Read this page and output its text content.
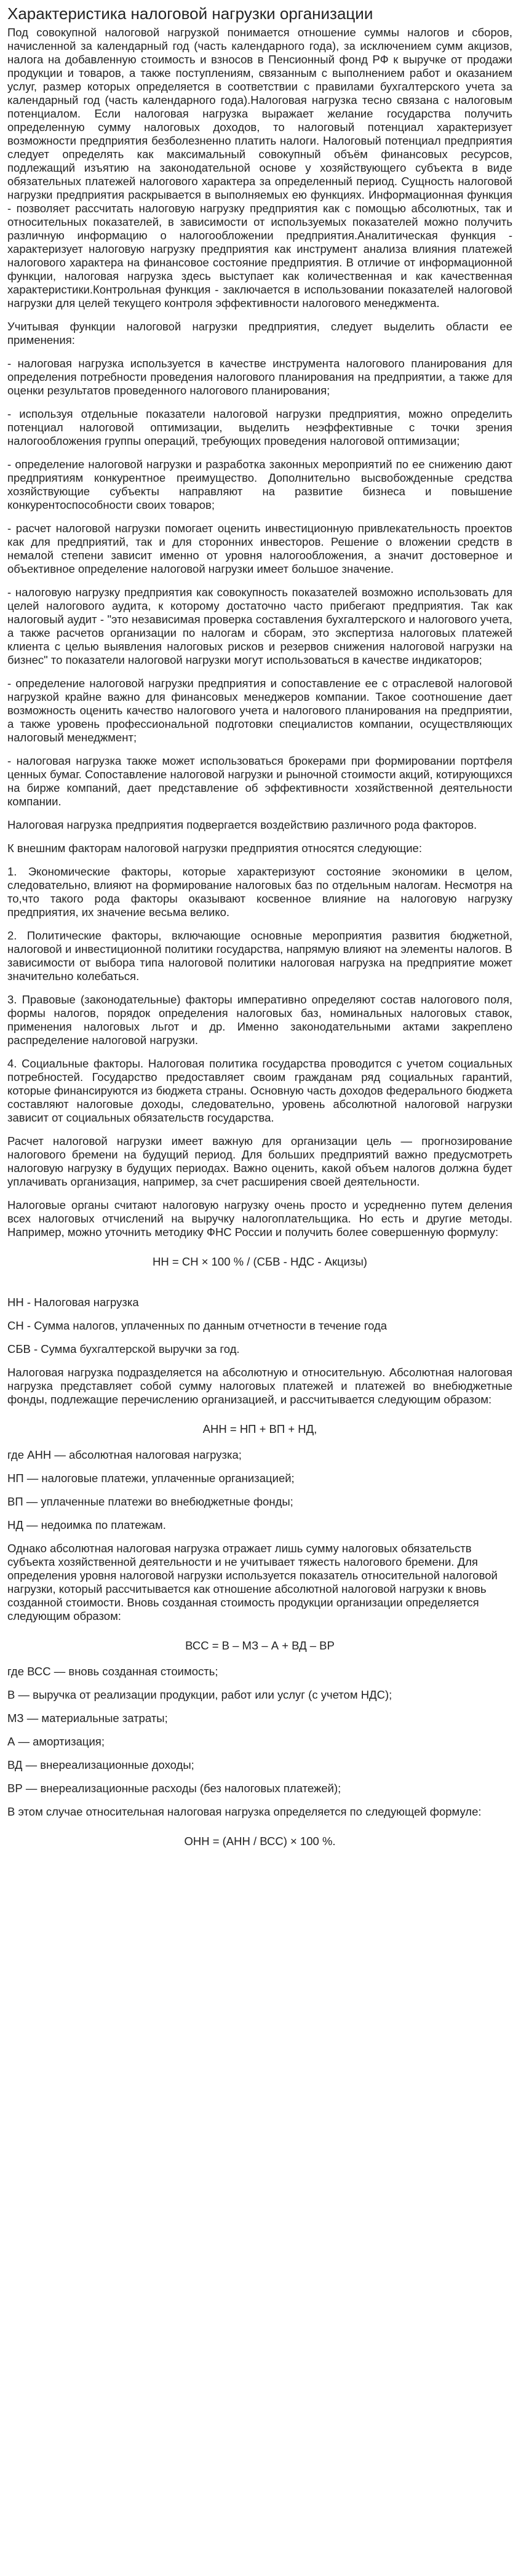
Характеристика налоговой нагрузки организации

Под совокупной налоговой нагрузкой понимается отношение суммы налогов и сборов, начисленной за календарный год (часть календарного года), за исключением сумм акцизов, налога на добавленную стоимость и взносов в Пенсионный фонд РФ к выручке от продажи продукции и товаров, а также поступлениям, связанным с выполнением работ и оказанием услуг, размер которых определяется в соответствии с правилами бухгалтерского учета за календарный год (часть календарного года).Налоговая нагрузка тесно связана с налоговым потенциалом. Если налоговая нагрузка выражает желание государства получить определенную сумму налоговых доходов, то налоговый потенциал характеризует возможности предприятия безболезненно платить налоги. Налоговый потенциал предприятия следует определять как максимальный совокупный объём финансовых ресурсов, подлежащий изъятию на законодательной основе у хозяйствующего субъекта в виде обязательных платежей налогового характера за определенный период. Сущность налоговой нагрузки предприятия раскрывается в выполняемых ею функциях. Информационная функция - позволяет рассчитать налоговую нагрузку предприятия как с помощью абсолютных, так и относительных показателей, в зависимости от используемых показателей можно получить различную информацию о налогообложении предприятия.Аналитическая функция - характеризует налоговую нагрузку предприятия как инструмент анализа влияния платежей налогового характера на финансовое состояние предприятия. В отличие от информационной функции, налоговая нагрузка здесь выступает как количественная и как качественная характеристики.Контрольная функция - заключается в использовании показателей налоговой нагрузки для целей текущего контроля эффективности налогового менеджмента.

Учитывая функции налоговой нагрузки предприятия, следует выделить области ее применения:

- налоговая нагрузка используется в качестве инструмента налогового планирования для определения потребности проведения налогового планирования на предприятии, а также для оценки результатов проведенного налогового планирования;

- используя отдельные показатели налоговой нагрузки предприятия, можно определить потенциал налоговой оптимизации, выделить неэффективные с точки зрения налогообложения группы операций, требующих проведения налоговой оптимизации;

- определение налоговой нагрузки и разработка законных мероприятий по ее снижению дают предприятиям конкурентное преимущество. Дополнительно высвобожденные средства хозяйствующие субъекты направляют на развитие бизнеса и повышение конкурентоспособности своих товаров;

- расчет налоговой нагрузки помогает оценить инвестиционную привлекательность проектов как для предприятий, так и для сторонних инвесторов. Решение о вложении средств в немалой степени зависит именно от уровня налогообложения, а значит достоверное и объективное определение налоговой нагрузки имеет большое значение.

- налоговую нагрузку предприятия как совокупность показателей возможно использовать для целей налогового аудита, к которому достаточно часто прибегают предприятия. Так как налоговый аудит - "это независимая проверка составления бухгалтерского и налогового учета, а также расчетов организации по налогам и сборам, это экспертиза налоговых платежей клиента с целью выявления налоговых рисков и резервов снижения налоговой нагрузки на бизнес" то показатели налоговой нагрузки могут использоваться в качестве индикаторов;

- определение налоговой нагрузки предприятия и сопоставление ее с отраслевой налоговой нагрузкой крайне важно для финансовых менеджеров компании. Такое соотношение дает возможность оценить качество налогового учета и налогового планирования на предприятии, а также уровень профессиональной подготовки специалистов компании, осуществляющих налоговый менеджмент;

- налоговая нагрузка также может использоваться брокерами при формировании портфеля ценных бумаг. Сопоставление налоговой нагрузки и рыночной стоимости акций, котирующихся на бирже компаний, дает представление об эффективности хозяйственной деятельности компании.

Налоговая нагрузка предприятия подвергается воздействию различного рода факторов.

К внешним факторам налоговой нагрузки предприятия относятся следующие:

1. Экономические факторы, которые характеризуют состояние экономики в целом, следовательно, влияют на формирование налоговых баз по отдельным налогам. Несмотря на то,что такого рода факторы оказывают косвенное влияние на налоговую нагрузку предприятия, их значение весьма велико.

2. Политические факторы, включающие основные мероприятия развития бюджетной, налоговой и инвестиционной политики государства, напрямую влияют на элементы налогов. В зависимости от выбора типа налоговой политики налоговая нагрузка на предприятие может значительно колебаться.

3. Правовые (законодательные) факторы императивно определяют состав налогового поля, формы налогов, порядок определения налоговых баз, номинальных налоговых ставок, применения налоговых льгот и др. Именно законодательными актами закреплено распределение налоговой нагрузки.

4. Социальные факторы. Налоговая политика государства проводится с учетом социальных потребностей. Государство предоставляет своим гражданам ряд социальных гарантий, которые финансируются из бюджета страны. Основную часть доходов федерального бюджета составляют налоговые доходы, следовательно, уровень абсолютной налоговой нагрузки зависит от социальных обязательств государства.

Расчет налоговой нагрузки имеет важную для организации цель — прогнозирование налогового бремени на будущий период. Для больших предприятий важно предусмотреть налоговую нагрузку в будущих периодах. Важно оценить, какой объем налогов должна будет уплачивать организация, например, за счет расширения своей деятельности.

Налоговые органы считают налоговую нагрузку очень просто и усредненно путем деления всех налоговых отчислений на выручку налогоплательщика. Но есть и другие методы. Например, можно уточнить методику ФНС России и получить более совершенную формулу:

НН = СН × 100 % / (СБВ - НДС - Акцизы)

НН - Налоговая нагрузка

СН - Сумма налогов, уплаченных по данным отчетности в течение года

СБВ - Сумма бухгалтерской выручки за год.

Налоговая нагрузка подразделяется на абсолютную и относительную. Абсолютная налоговая нагрузка представляет собой сумму налоговых платежей и платежей во внебюджетные фонды, подлежащие перечислению организацией, и рассчитывается следующим образом:

АНН = НП + ВП + НД,

где АНН — абсолютная налоговая нагрузка;

НП — налоговые платежи, уплаченные организацией;

ВП — уплаченные платежи во внебюджетные фонды;

НД — недоимка по платежам.

Однако абсолютная налоговая нагрузка отражает лишь сумму налоговых обязательств субъекта хозяйственной деятельности и не учитывает тяжесть налогового бремени. Для определения уровня налоговой нагрузки используется показатель относительной налоговой нагрузки, который рассчитывается как отношение абсолютной налоговой нагрузки к вновь созданной стоимости. Вновь созданная стоимость продукции организации определяется следующим образом:

ВСС = В – МЗ – А + ВД – ВР

где ВСС — вновь созданная стоимость;

В — выручка от реализации продукции, работ или услуг (с учетом НДС);

МЗ — материальные затраты;

А — амортизация;

ВД — внереализационные доходы;

ВР — внереализационные расходы (без налоговых платежей);

В этом случае относительная налоговая нагрузка определяется по следующей формуле:

ОНН = (АНН / ВСС) × 100 %.
